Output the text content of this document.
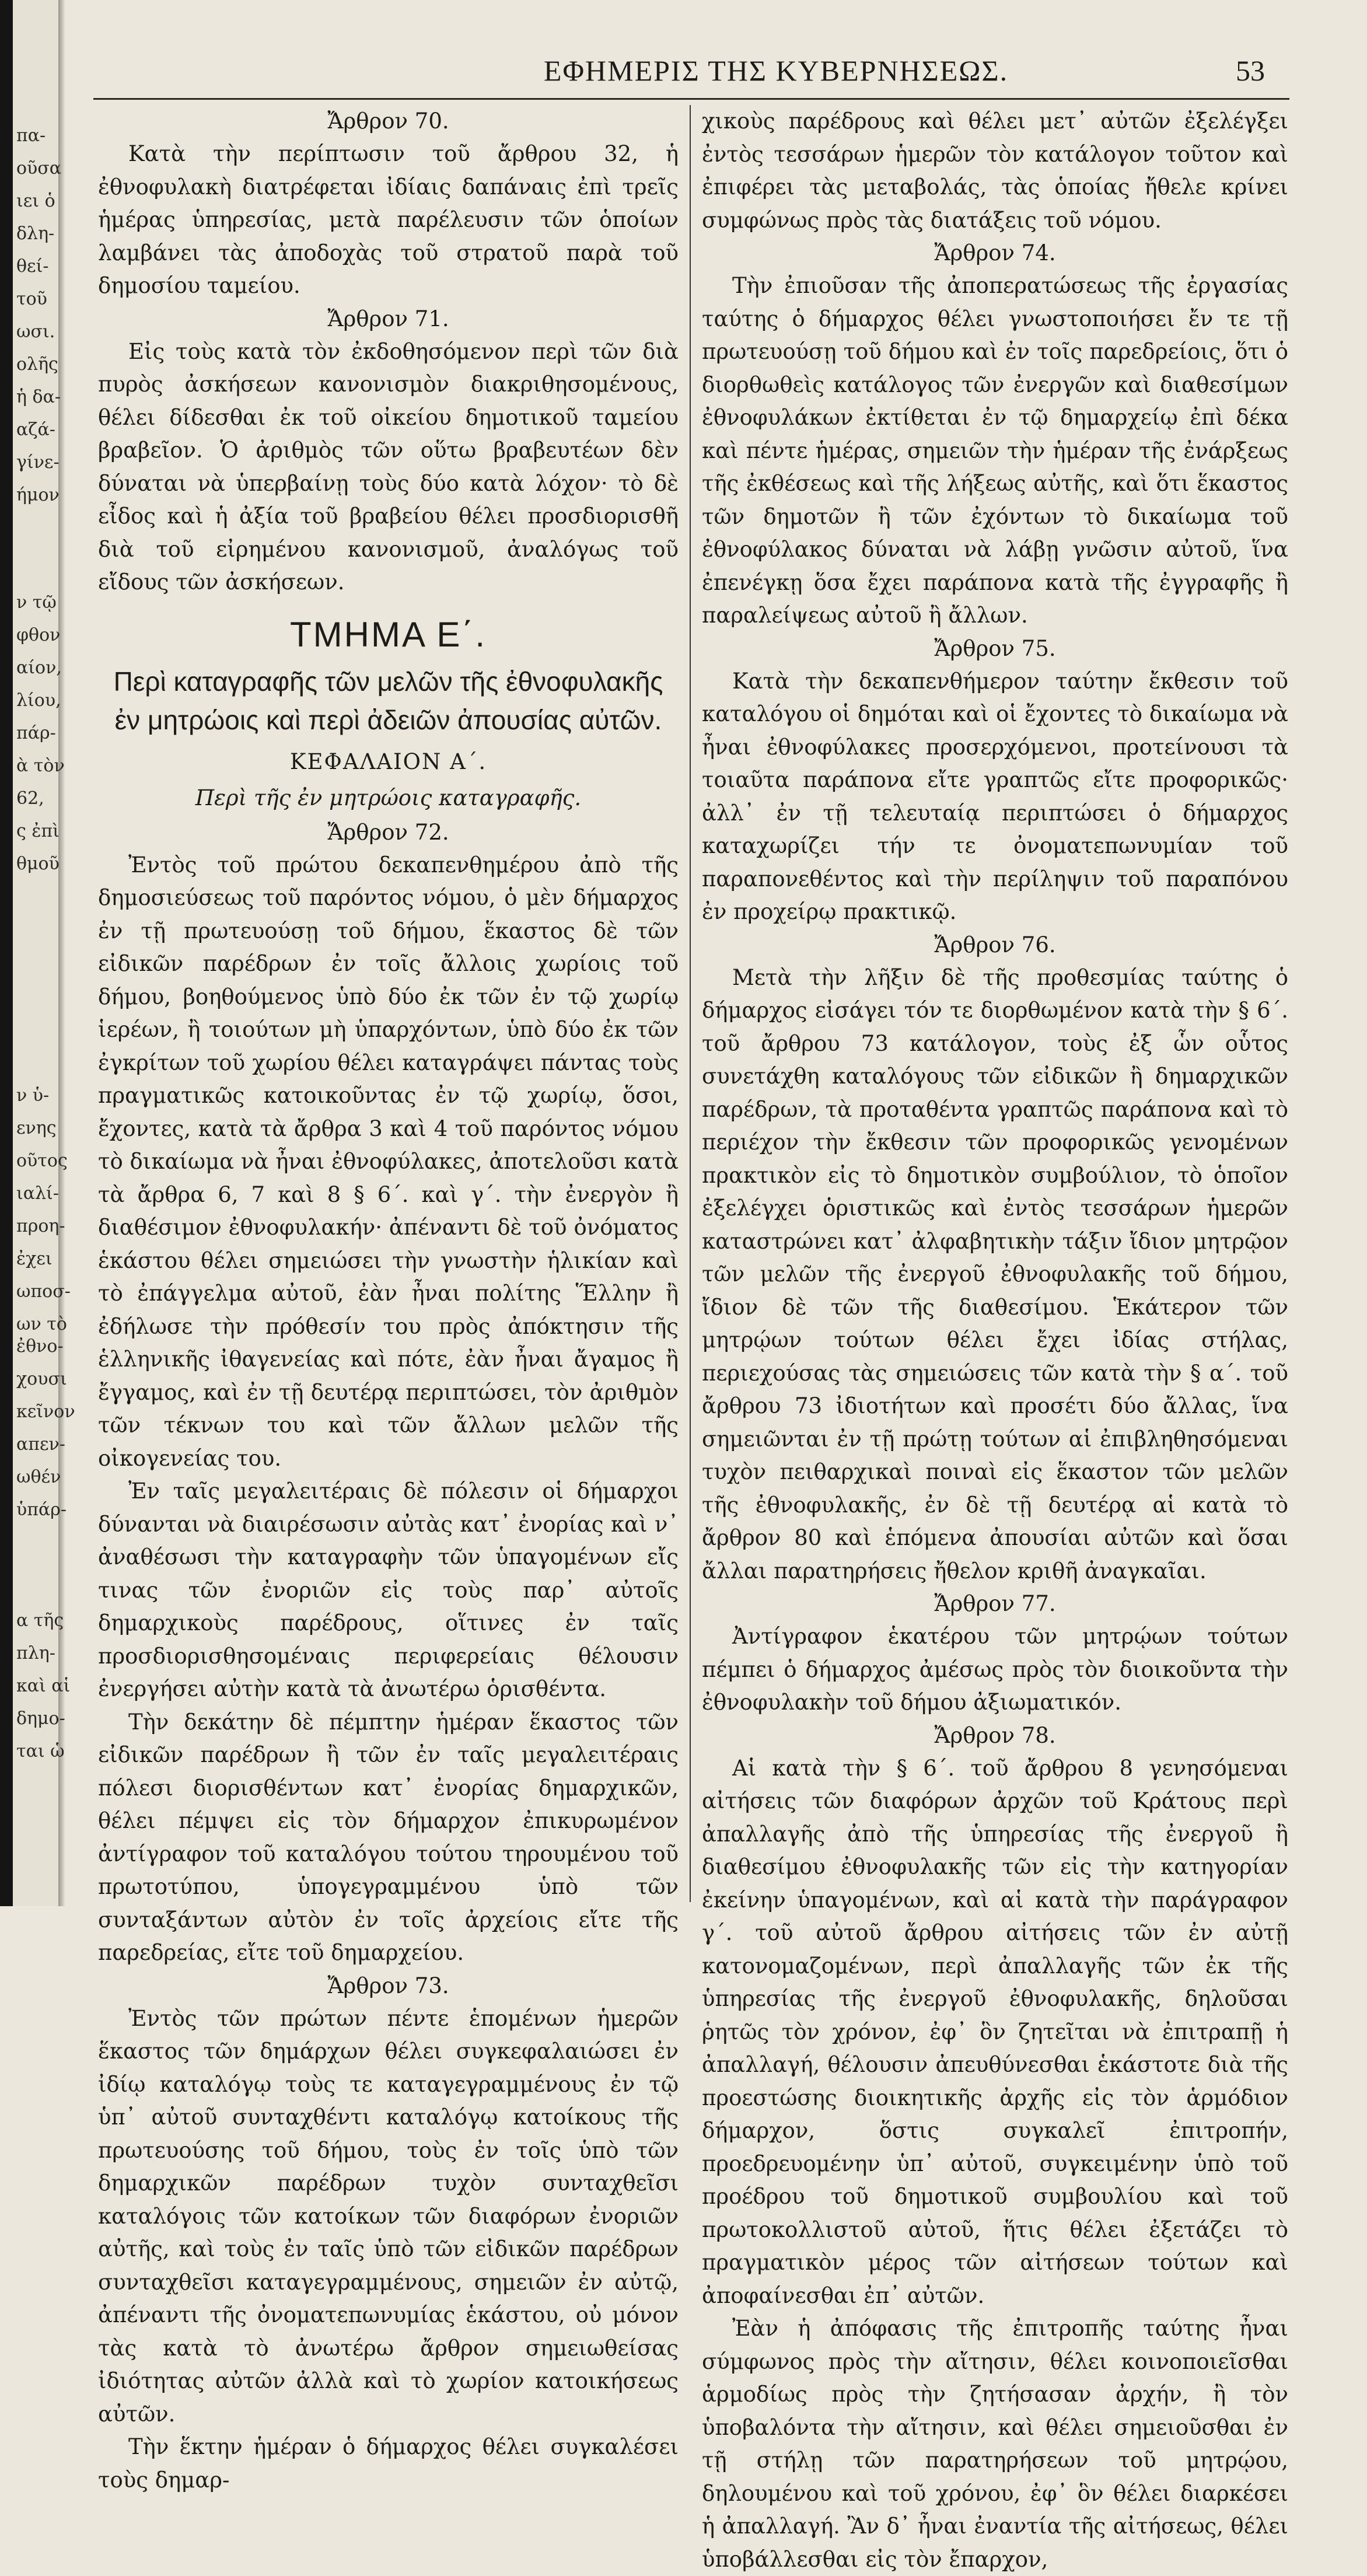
πα-
οῦσα
ιει ὁ
δλη-
θεί-
τοῦ
ωσι.
ολῆς
ἡ δα-
αζά-
γίνε-
ήμον
ν τῷ
φθον
αίον,
λίου,
πάρ-
ὰ τὸν
62,
ς ἐπὶ
θμοῦ
ν ὑ-
ενης
οῦτος
ιαλί-
προη-
ἐχει
ωποσ-
ων τὸ
ἐθνο-
χουσι
κεῖνον
απεν-
ωθέν
ὑπάρ-
α τῆς
πλη-
καὶ αἱ
δημο-
ται ὡ
ΕΦΗΜΕΡΙΣ ΤΗΣ ΚΥΒΕΡΝΗΣΕΩΣ.	53

Ἄρθρον 70.

Κατὰ τὴν περίπτωσιν τοῦ ἄρθρου 32, ἡ ἐθνοφυλακὴ διατρέφεται ἰδίαις δαπάναις ἐπὶ τρεῖς ἡμέρας ὑπηρεσίας, μετὰ παρέλευσιν τῶν ὁποίων λαμβάνει τὰς ἀποδοχὰς τοῦ στρατοῦ παρὰ τοῦ δημοσίου ταμείου.

Ἄρθρον 71.

Εἰς τοὺς κατὰ τὸν ἐκδοθησόμενον περὶ τῶν διὰ πυρὸς ἀσκήσεων κανονισμὸν διακριθησομένους, θέλει δίδεσθαι ἐκ τοῦ οἰκείου δημοτικοῦ ταμείου βραβεῖον. Ὁ ἀριθμὸς τῶν οὕτω βραβευτέων δὲν δύναται νὰ ὑπερβαίνῃ τοὺς δύο κατὰ λόχον· τὸ δὲ εἶδος καὶ ἡ ἀξία τοῦ βραβείου θέλει προσδιορισθῆ διὰ τοῦ εἰρημένου κανονισμοῦ, ἀναλόγως τοῦ εἴδους τῶν ἀσκήσεων.

ΤΜΗΜΑ Ε΄.

Περὶ καταγραφῆς τῶν μελῶν τῆς ἐθνοφυλακῆς ἐν μητρώοις καὶ περὶ ἀδειῶν ἀπουσίας αὐτῶν.

ΚΕΦΑΛΑΙΟΝ Α΄.

Περὶ τῆς ἐν μητρώοις καταγραφῆς.

Ἄρθρον 72.

Ἐντὸς τοῦ πρώτου δεκαπενθημέρου ἀπὸ τῆς δημοσιεύσεως τοῦ παρόντος νόμου, ὁ μὲν δήμαρχος ἐν τῇ πρωτευούσῃ τοῦ δήμου, ἕκαστος δὲ τῶν εἰδικῶν παρέδρων ἐν τοῖς ἄλλοις χωρίοις τοῦ δήμου, βοηθούμενος ὑπὸ δύο ἐκ τῶν ἐν τῷ χωρίῳ ἱερέων, ἢ τοιούτων μὴ ὑπαρχόντων, ὑπὸ δύο ἐκ τῶν ἐγκρίτων τοῦ χωρίου θέλει καταγράψει πάντας τοὺς πραγματικῶς κατοικοῦντας ἐν τῷ χωρίῳ, ὅσοι, ἔχοντες, κατὰ τὰ ἄρθρα 3 καὶ 4 τοῦ παρόντος νόμου τὸ δικαίωμα νὰ ἦναι ἐθνοφύλακες, ἀποτελοῦσι κατὰ τὰ ἄρθρα 6, 7 καὶ 8 § 6΄. καὶ γ΄. τὴν ἐνεργὸν ἢ διαθέσιμον ἐθνοφυλακήν· ἀπέναντι δὲ τοῦ ὀνόματος ἑκάστου θέλει σημειώσει τὴν γνωστὴν ἡλικίαν καὶ τὸ ἐπάγγελμα αὐτοῦ, ἐὰν ἦναι πολίτης Ἕλλην ἢ ἐδήλωσε τὴν πρόθεσίν του πρὸς ἀπόκτησιν τῆς ἑλληνικῆς ἰθαγενείας καὶ πότε, ἐὰν ἦναι ἄγαμος ἢ ἔγγαμος, καὶ ἐν τῇ δευτέρᾳ περιπτώσει, τὸν ἀριθμὸν τῶν τέκνων του καὶ τῶν ἄλλων μελῶν τῆς οἰκογενείας του.

Ἐν ταῖς μεγαλειτέραις δὲ πόλεσιν οἱ δήμαρχοι δύνανται νὰ διαιρέσωσιν αὐτὰς κατ᾿ ἐνορίας καὶ ν᾿ ἀναθέσωσι τὴν καταγραφὴν τῶν ὑπαγομένων εἴς τινας τῶν ἐνοριῶν εἰς τοὺς παρ᾿ αὐτοῖς δημαρχικοὺς παρέδρους, οἵτινες ἐν ταῖς προσδιορισθησομέναις περιφερείαις θέλουσιν ἐνεργήσει αὐτὴν κατὰ τὰ ἀνωτέρω ὁρισθέντα.

Τὴν δεκάτην δὲ πέμπτην ἡμέραν ἕκαστος τῶν εἰδικῶν παρέδρων ἢ τῶν ἐν ταῖς μεγαλειτέραις πόλεσι διορισθέντων κατ᾿ ἐνορίας δημαρχικῶν, θέλει πέμψει εἰς τὸν δήμαρχον ἐπικυρωμένον ἀντίγραφον τοῦ καταλόγου τούτου τηρουμένου τοῦ πρωτοτύπου, ὑπογεγραμμένου ὑπὸ τῶν συνταξάντων αὐτὸν ἐν τοῖς ἀρχείοις εἴτε τῆς παρεδρείας, εἴτε τοῦ δημαρχείου.

Ἄρθρον 73.

Ἐντὸς τῶν πρώτων πέντε ἑπομένων ἡμερῶν ἕκαστος τῶν δημάρχων θέλει συγκεφαλαιώσει ἐν ἰδίῳ καταλόγῳ τοὺς τε καταγεγραμμένους ἐν τῷ ὑπ᾿ αὐτοῦ συνταχθέντι καταλόγῳ κατοίκους τῆς πρωτευούσης τοῦ δήμου, τοὺς ἐν τοῖς ὑπὸ τῶν δημαρχικῶν παρέδρων τυχὸν συνταχθεῖσι καταλόγοις τῶν κατοίκων τῶν διαφόρων ἐνοριῶν αὐτῆς, καὶ τοὺς ἐν ταῖς ὑπὸ τῶν εἰδικῶν παρέδρων συνταχθεῖσι καταγεγραμμένους, σημειῶν ἐν αὐτῷ, ἀπέναντι τῆς ὀνοματεπωνυμίας ἑκάστου, οὐ μόνον τὰς κατὰ τὸ ἀνωτέρω ἄρθρον σημειωθείσας ἰδιότητας αὐτῶν ἀλλὰ καὶ τὸ χωρίον κατοικήσεως αὐτῶν.

Τὴν ἕκτην ἡμέραν ὁ δήμαρχος θέλει συγκαλέσει τοὺς δημαρ-

χικοὺς παρέδρους καὶ θέλει μετ᾿ αὐτῶν ἐξελέγξει ἐντὸς τεσσάρων ἡμερῶν τὸν κατάλογον τοῦτον καὶ ἐπιφέρει τὰς μεταβολάς, τὰς ὁποίας ἤθελε κρίνει συμφώνως πρὸς τὰς διατάξεις τοῦ νόμου.

Ἄρθρον 74.

Τὴν ἐπιοῦσαν τῆς ἀποπερατώσεως τῆς ἐργασίας ταύτης ὁ δήμαρχος θέλει γνωστοποιήσει ἔν τε τῇ πρωτευούσῃ τοῦ δήμου καὶ ἐν τοῖς παρεδρείοις, ὅτι ὁ διορθωθεὶς κατάλογος τῶν ἐνεργῶν καὶ διαθεσίμων ἐθνοφυλάκων ἐκτίθεται ἐν τῷ δημαρχείῳ ἐπὶ δέκα καὶ πέντε ἡμέρας, σημειῶν τὴν ἡμέραν τῆς ἐνάρξεως τῆς ἐκθέσεως καὶ τῆς λήξεως αὐτῆς, καὶ ὅτι ἕκαστος τῶν δημοτῶν ἢ τῶν ἐχόντων τὸ δικαίωμα τοῦ ἐθνοφύλακος δύναται νὰ λάβῃ γνῶσιν αὐτοῦ, ἵνα ἐπενέγκῃ ὅσα ἔχει παράπονα κατὰ τῆς ἐγγραφῆς ἢ παραλείψεως αὐτοῦ ἢ ἄλλων.

Ἄρθρον 75.

Κατὰ τὴν δεκαπενθήμερον ταύτην ἔκθεσιν τοῦ καταλόγου οἱ δημόται καὶ οἱ ἔχοντες τὸ δικαίωμα νὰ ἦναι ἐθνοφύλακες προσερχόμενοι, προτείνουσι τὰ τοιαῦτα παράπονα εἴτε γραπτῶς εἴτε προφορικῶς· ἀλλ᾿ ἐν τῇ τελευταίᾳ περιπτώσει ὁ δήμαρχος καταχωρίζει τήν τε ὀνοματεπωνυμίαν τοῦ παραπονεθέντος καὶ τὴν περίληψιν τοῦ παραπόνου ἐν προχείρῳ πρακτικῷ.

Ἄρθρον 76.

Μετὰ τὴν λῆξιν δὲ τῆς προθεσμίας ταύτης ὁ δήμαρχος εἰσάγει τόν τε διορθωμένον κατὰ τὴν § 6΄. τοῦ ἄρθρου 73 κατάλογον, τοὺς ἐξ ὧν οὗτος συνετάχθη καταλόγους τῶν εἰδικῶν ἢ δημαρχικῶν παρέδρων, τὰ προταθέντα γραπτῶς παράπονα καὶ τὸ περιέχον τὴν ἔκθεσιν τῶν προφορικῶς γενομένων πρακτικὸν εἰς τὸ δημοτικὸν συμβούλιον, τὸ ὁποῖον ἐξελέγχει ὁριστικῶς καὶ ἐντὸς τεσσάρων ἡμερῶν καταστρώνει κατ᾿ ἀλφαβητικὴν τάξιν ἴδιον μητρῷον τῶν μελῶν τῆς ἐνεργοῦ ἐθνοφυλακῆς τοῦ δήμου, ἴδιον δὲ τῶν τῆς διαθεσίμου. Ἑκάτερον τῶν μητρῴων τούτων θέλει ἔχει ἰδίας στήλας, περιεχούσας τὰς σημειώσεις τῶν κατὰ τὴν § α΄. τοῦ ἄρθρου 73 ἰδιοτήτων καὶ προσέτι δύο ἄλλας, ἵνα σημειῶνται ἐν τῇ πρώτῃ τούτων αἱ ἐπιβληθησόμεναι τυχὸν πειθαρχικαὶ ποιναὶ εἰς ἕκαστον τῶν μελῶν τῆς ἐθνοφυλακῆς, ἐν δὲ τῇ δευτέρᾳ αἱ κατὰ τὸ ἄρθρον 80 καὶ ἑπόμενα ἀπουσίαι αὐτῶν καὶ ὅσαι ἄλλαι παρατηρήσεις ἤθελον κριθῆ ἀναγκαῖαι.

Ἄρθρον 77.

Ἀντίγραφον ἑκατέρου τῶν μητρῴων τούτων πέμπει ὁ δήμαρχος ἀμέσως πρὸς τὸν διοικοῦντα τὴν ἐθνοφυλακὴν τοῦ δήμου ἀξιωματικόν.

Ἄρθρον 78.

Αἱ κατὰ τὴν § 6΄. τοῦ ἄρθρου 8 γενησόμεναι αἰτήσεις τῶν διαφόρων ἀρχῶν τοῦ Κράτους περὶ ἀπαλλαγῆς ἀπὸ τῆς ὑπηρεσίας τῆς ἐνεργοῦ ἢ διαθεσίμου ἐθνοφυλακῆς τῶν εἰς τὴν κατηγορίαν ἐκείνην ὑπαγομένων, καὶ αἱ κατὰ τὴν παράγραφον γ΄. τοῦ αὐτοῦ ἄρθρου αἰτήσεις τῶν ἐν αὐτῇ κατονομαζομένων, περὶ ἀπαλλαγῆς τῶν ἐκ τῆς ὑπηρεσίας τῆς ἐνεργοῦ ἐθνοφυλακῆς, δηλοῦσαι ῥητῶς τὸν χρόνον, ἐφ᾿ ὃν ζητεῖται νὰ ἐπιτραπῇ ἡ ἀπαλλαγή, θέλουσιν ἀπευθύνεσθαι ἑκάστοτε διὰ τῆς προεστώσης διοικητικῆς ἀρχῆς εἰς τὸν ἁρμόδιον δήμαρχον, ὅστις συγκαλεῖ ἐπιτροπήν, προεδρευομένην ὑπ᾿ αὐτοῦ, συγκειμένην ὑπὸ τοῦ προέδρου τοῦ δημοτικοῦ συμβουλίου καὶ τοῦ πρωτοκολλιστοῦ αὐτοῦ, ἥτις θέλει ἐξετάζει τὸ πραγματικὸν μέρος τῶν αἰτήσεων τούτων καὶ ἀποφαίνεσθαι ἐπ᾿ αὐτῶν.

Ἐὰν ἡ ἀπόφασις τῆς ἐπιτροπῆς ταύτης ἦναι σύμφωνος πρὸς τὴν αἴτησιν, θέλει κοινοποιεῖσθαι ἁρμοδίως πρὸς τὴν ζητήσασαν ἀρχήν, ἢ τὸν ὑποβαλόντα τὴν αἴτησιν, καὶ θέλει σημειοῦσθαι ἐν τῇ στήλῃ τῶν παρατηρήσεων τοῦ μητρῴου, δηλουμένου καὶ τοῦ χρόνου, ἐφ᾿ ὃν θέλει διαρκέσει ἡ ἀπαλλαγή. Ἂν δ᾿ ἦναι ἐναντία τῆς αἰτήσεως, θέλει ὑποβάλλεσθαι εἰς τὸν ἔπαρχον,
